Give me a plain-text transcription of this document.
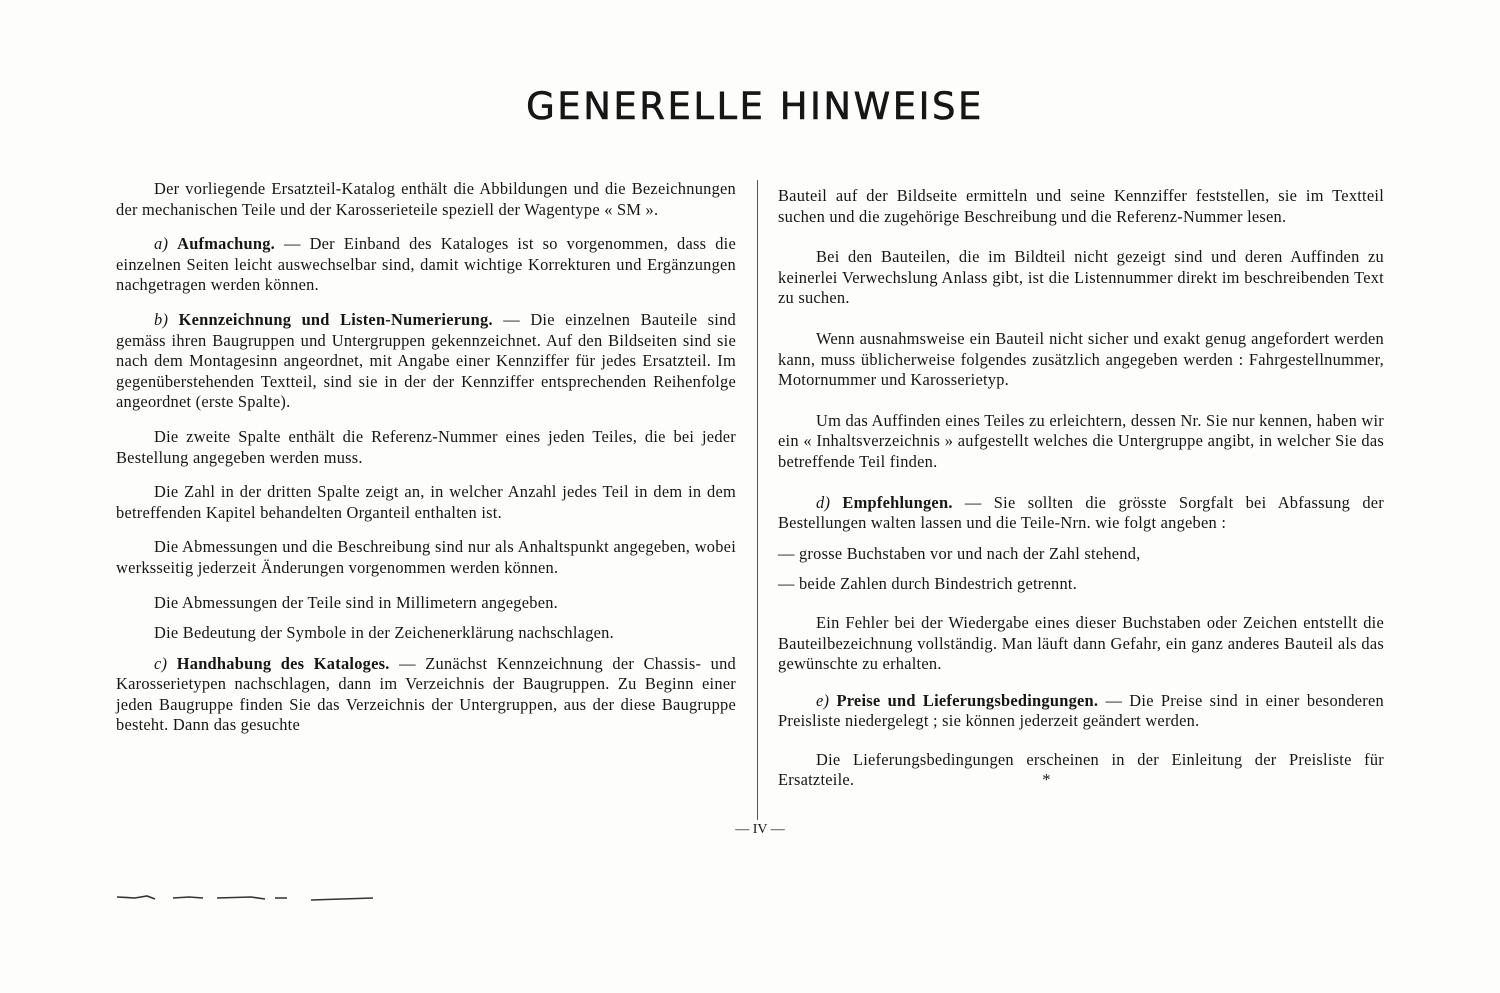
GENERELLE HINWEISE

Der vorliegende Ersatzteil-Katalog enthält die Abbildungen und die Bezeichnungen der mechanischen Teile und der Karosserieteile speziell der Wagentype « SM ».

a) Aufmachung. — Der Einband des Kataloges ist so vorgenommen, dass die einzelnen Seiten leicht auswechselbar sind, damit wichtige Korrekturen und Ergänzungen nachgetragen werden können.

b) Kennzeichnung und Listen-Numerierung. — Die einzelnen Bauteile sind gemäss ihren Baugruppen und Untergruppen gekennzeichnet. Auf den Bildseiten sind sie nach dem Montagesinn angeordnet, mit Angabe einer Kennziffer für jedes Ersatzteil. Im gegenüberstehenden Textteil, sind sie in der der Kennziffer entsprechenden Reihenfolge angeordnet (erste Spalte).

Die zweite Spalte enthält die Referenz-Nummer eines jeden Teiles, die bei jeder Bestellung angegeben werden muss.

Die Zahl in der dritten Spalte zeigt an, in welcher Anzahl jedes Teil in dem in dem betreffenden Kapitel behandelten Organteil enthalten ist.

Die Abmessungen und die Beschreibung sind nur als Anhaltspunkt angegeben, wobei werksseitig jederzeit Änderungen vorgenommen werden können.

Die Abmessungen der Teile sind in Millimetern angegeben.

Die Bedeutung der Symbole in der Zeichenerklärung nachschlagen.

c) Handhabung des Kataloges. — Zunächst Kennzeichnung der Chassis- und Karosserietypen nachschlagen, dann im Verzeichnis der Baugruppen. Zu Beginn einer jeden Baugruppe finden Sie das Verzeichnis der Untergruppen, aus der diese Baugruppe besteht. Dann das gesuchte

Bauteil auf der Bildseite ermitteln und seine Kennziffer feststellen, sie im Textteil suchen und die zugehörige Beschreibung und die Referenz-Nummer lesen.

Bei den Bauteilen, die im Bildteil nicht gezeigt sind und deren Auffinden zu keinerlei Verwechslung Anlass gibt, ist die Listennummer direkt im beschreibenden Text zu suchen.

Wenn ausnahmsweise ein Bauteil nicht sicher und exakt genug angefordert werden kann, muss üblicherweise folgendes zusätzlich angegeben werden : Fahrgestellnummer, Motornummer und Karosserietyp.

Um das Auffinden eines Teiles zu erleichtern, dessen Nr. Sie nur kennen, haben wir ein « Inhaltsverzeichnis » aufgestellt welches die Untergruppe angibt, in welcher Sie das betreffende Teil finden.

d) Empfehlungen. — Sie sollten die grösste Sorgfalt bei Abfassung der Bestellungen walten lassen und die Teile-Nrn. wie folgt angeben :

— grosse Buchstaben vor und nach der Zahl stehend,

— beide Zahlen durch Bindestrich getrennt.

Ein Fehler bei der Wiedergabe eines dieser Buchstaben oder Zeichen entstellt die Bauteilbezeichnung vollständig. Man läuft dann Gefahr, ein ganz anderes Bauteil als das gewünschte zu erhalten.

e) Preise und Lieferungsbedingungen. — Die Preise sind in einer besonderen Preisliste niedergelegt ; sie können jederzeit geändert werden.

Die Lieferungsbedingungen erscheinen in der Einleitung der Preisliste für Ersatzteile.	*

— IV —
